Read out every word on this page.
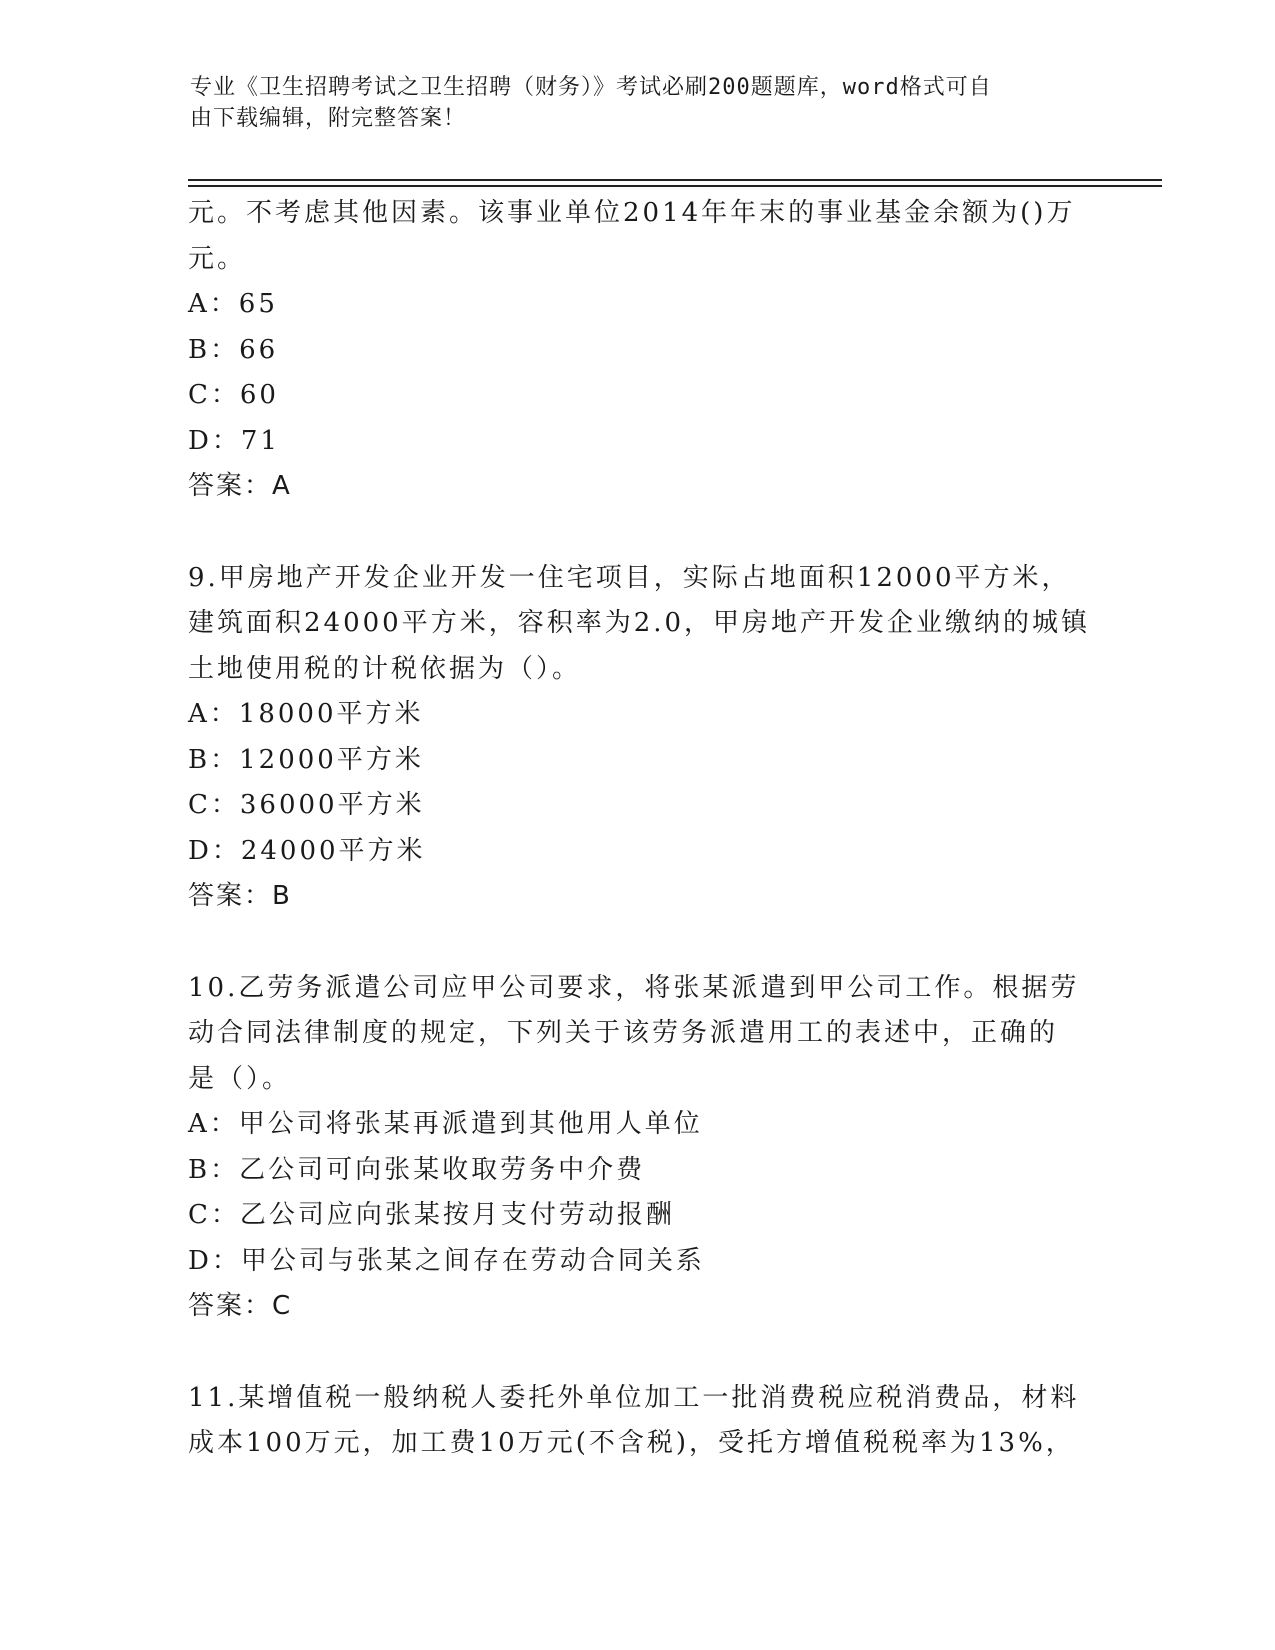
专业《卫生招聘考试之卫生招聘（财务）》考试必刷200题题库，word格式可自
由下载编辑，附完整答案！
元。不考虑其他因素。该事业单位2014年年末的事业基金余额为()万
元。
A：65
B：66
C：60
D：71
答案：A
9.甲房地产开发企业开发一住宅项目，实际占地面积12000平方米，
建筑面积24000平方米，容积率为2.0，甲房地产开发企业缴纳的城镇
土地使用税的计税依据为（）。
A：18000平方米
B：12000平方米
C：36000平方米
D：24000平方米
答案：B
10.乙劳务派遣公司应甲公司要求，将张某派遣到甲公司工作。根据劳
动合同法律制度的规定，下列关于该劳务派遣用工的表述中，正确的
是（）。
A：甲公司将张某再派遣到其他用人单位
B：乙公司可向张某收取劳务中介费
C：乙公司应向张某按月支付劳动报酬
D：甲公司与张某之间存在劳动合同关系
答案：C
11.某增值税一般纳税人委托外单位加工一批消费税应税消费品，材料
成本100万元，加工费10万元(不含税)，受托方增值税税率为13%，
